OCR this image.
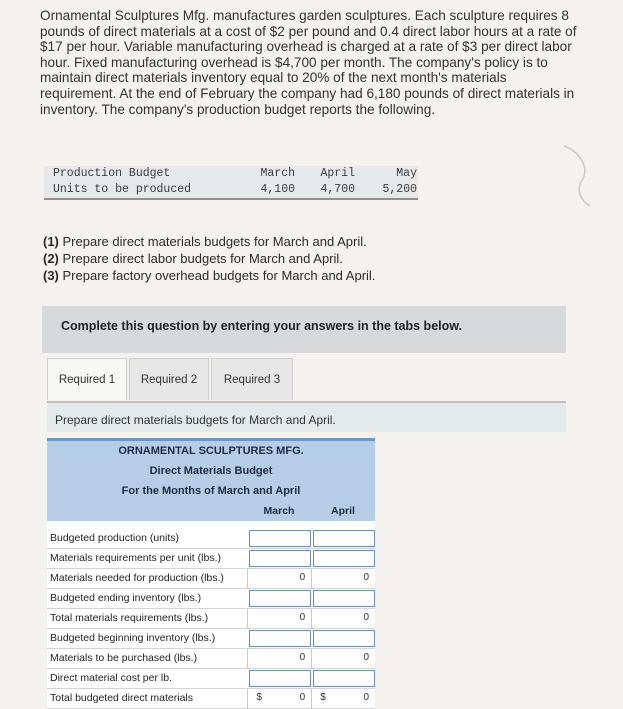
Ornamental Sculptures Mfg. manufactures garden sculptures. Each sculpture requires 8 pounds of direct materials at a cost of $2 per pound and 0.4 direct labor hours at a rate of $17 per hour. Variable manufacturing overhead is charged at a rate of $3 per direct labor hour. Fixed manufacturing overhead is $4,700 per month. The company's policy is to maintain direct materials inventory equal to 20% of the next month's materials requirement. At the end of February the company had 6,180 pounds of direct materials in inventory. The company's production budget reports the following.
Production Budget	March	April	May
Units to be produced	4,100	4,700	5,200
(1) Prepare direct materials budgets for March and April.
(2) Prepare direct labor budgets for March and April.
(3) Prepare factory overhead budgets for March and April.
Complete this question by entering your answers in the tabs below.
Required 1	Required 2	Required 3
Prepare direct materials budgets for March and April.
ORNAMENTAL SCULPTURES MFG.
Direct Materials Budget
For the Months of March and April
March	April
Budgeted production (units)
Materials requirements per unit (lbs.)
Materials needed for production (lbs.)	0	0
Budgeted ending inventory (lbs.)
Total materials requirements (lbs.)	0	0
Budgeted beginning inventory (lbs.)
Materials to be purchased (lbs.)	0	0
Direct material cost per lb.
Total budgeted direct materials	$	0 $	0
